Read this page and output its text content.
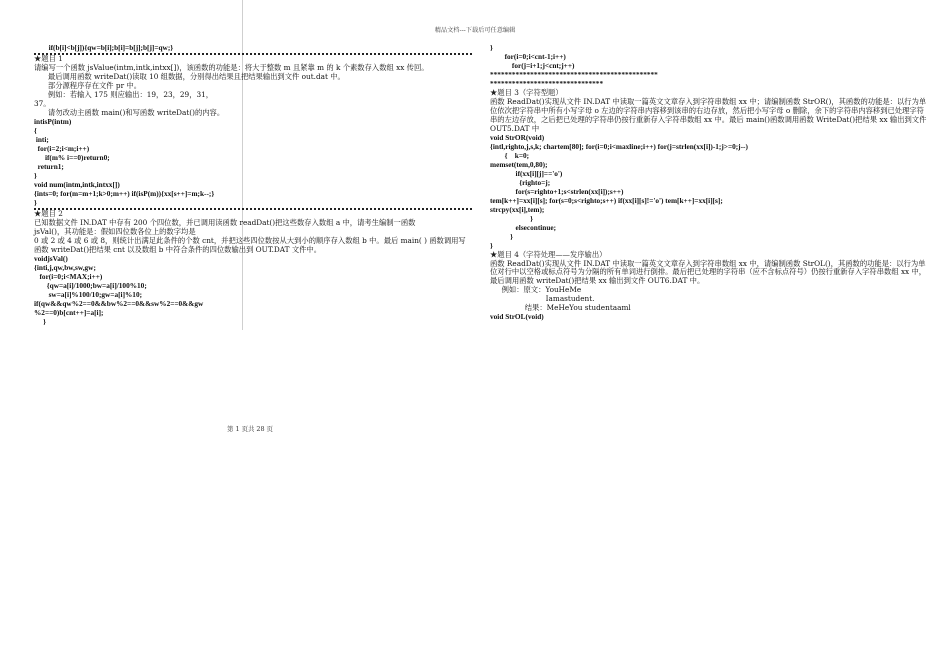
精品文档---下载后可任意编辑
if(b[i]<b[j]){qw=b[i];b[i]=b[j];b[j]=qw;}
★题目 1
请编写一个函数 jsValue(intm,intk,intxx[])，该函数的功能是：将大于整数 m 且紧靠 m 的 k 个素数存入数组 xx 传回。
最后调用函数 writeDat()读取 10 组数据，分别得出结果且把结果输出到文件 out.dat 中。
部分源程序存在文件 pr 中。
例如：若输入 175 则应输出：19，23，29，31，
37。
请勿改动主函数 main()和写函数 writeDat()的内容。
intisP(intm)
{
inti;
for(i=2;i<m;i++)
if(m% i==0)return0;
return1;
}
void num(intm,intk,intxx[])
{ints=0; for(m=m+1;k>0;m++) if(isP(m)){xx[s++]=m;k--;}
}
★题目 2
已知数据文件 IN.DAT 中存有 200 个四位数，并已调用读函数 readDat()把这些数存入数组 a 中，请考生编制一函数
jsVal()，其功能是：假如四位数各位上的数字均是
0 或 2 或 4 或 6 或 8，则统计出满足此条件的个数 cnt，并把这些四位数按从大到小的顺序存入数组 b 中。最后 main( ) 函数调用写函数 writeDat()把结果 cnt 以及数组 b 中符合条件的四位数输出到 OUT.DAT 文件中。
voidjsVal()
{inti,j,qw,bw,sw,gw;
for(i=0;i<MAX;i++)
{qw=a[i]/1000;bw=a[i]/100%10;
sw=a[i]%100/10;gw=a[i]%10;
if(qw&&qw%2==0&&bw%2==0&&sw%2==0&&gw
%2==0)b[cnt++]=a[i];
}
}
for(i=0;i<cnt-1;i++)
for(j=i+1;j<cnt;j++)
**********************************************
*******************************
★题目 3（字符型题）
函数 ReadDat()实现从文件 IN.DAT 中读取一篇英文文章存入到字符串数组 xx 中；请编制函数 StrOR()，其函数的功能是：以行为单位依次把字符串中所有小写字母 o 左边的字符串内容移到该串的右边存放，然后把小写字母 o 删除，余下的字符串内容移到已处理字符串的左边存放，之后把已处理的字符串仍按行重新存入字符串数组 xx 中。最后 main()函数调用函数 WriteDat()把结果 xx 输出到文件 OUT5.DAT 中
void StrOR(void)
{intl,righto,j,s,k; chartem[80]; for(i=0;i<maxline;i++) for(j=strlen(xx[i])-1;j>=0;j--)
{    k=0;
memset(tem,0,80);
if(xx[i][j]=='o')
{righto=j;
for(s=righto+1;s<strlen(xx[i]);s++)
tem[k++]=xx[i][s]; for(s=0;s<righto;s++) if(xx[i][s]!='o') tem[k++]=xx[i][s];
strcpy(xx[i],tem);
}
elsecontinue;
}
}
★题目 4（字符处理——发序输出）
函数 ReadDat()实现从文件 IN.DAT 中读取一篇英文文章存入到字符串数组 xx 中，请编制函数 StrOL()，其函数的功能是：以行为单位对行中以空格或标点符号为分隔的所有单词进行倒排。最后把已处理的字符串（应不含标点符号）仍按行重新存入字符串数组 xx 中，最后调用函数 writeDat()把结果 xx 输出到文件 OUT6.DAT 中。
例如：原文：YouHeMe
Iamastudent.
结果：MeHeYou studentaaml
void StrOL(void)
第 1 页共 28 页
